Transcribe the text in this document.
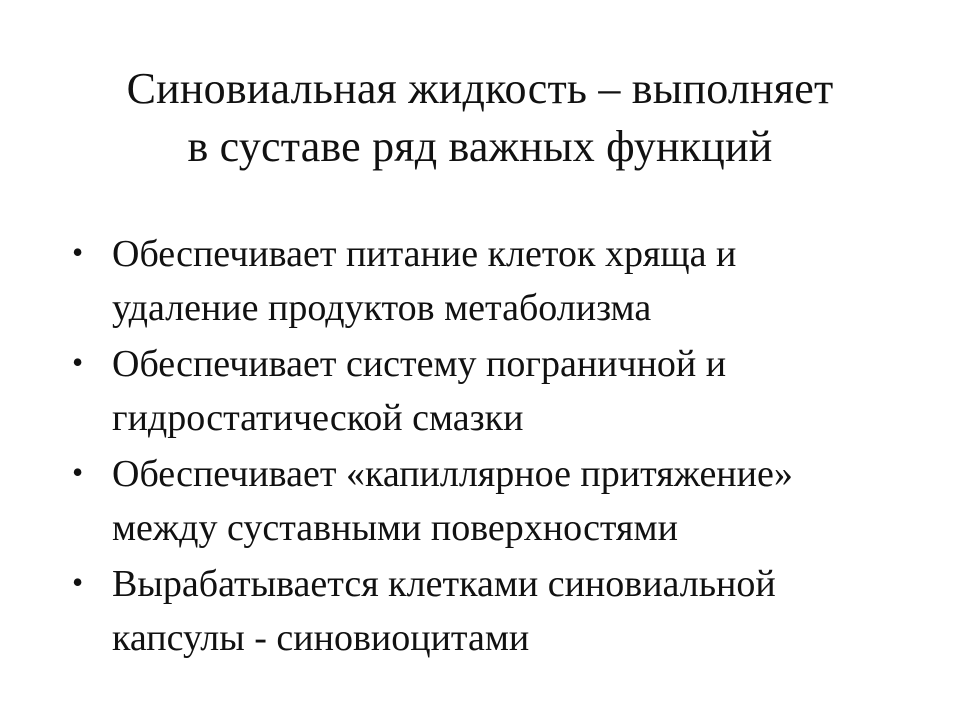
Синовиальная жидкость – выполняет
в суставе ряд важных функций
• Обеспечивает питание клеток хряща и
удаление продуктов метаболизма
• Обеспечивает систему пограничной и
гидростатической смазки
• Обеспечивает «капиллярное притяжение»
между суставными поверхностями
• Вырабатывается клетками синовиальной
капсулы - синовиоцитами
